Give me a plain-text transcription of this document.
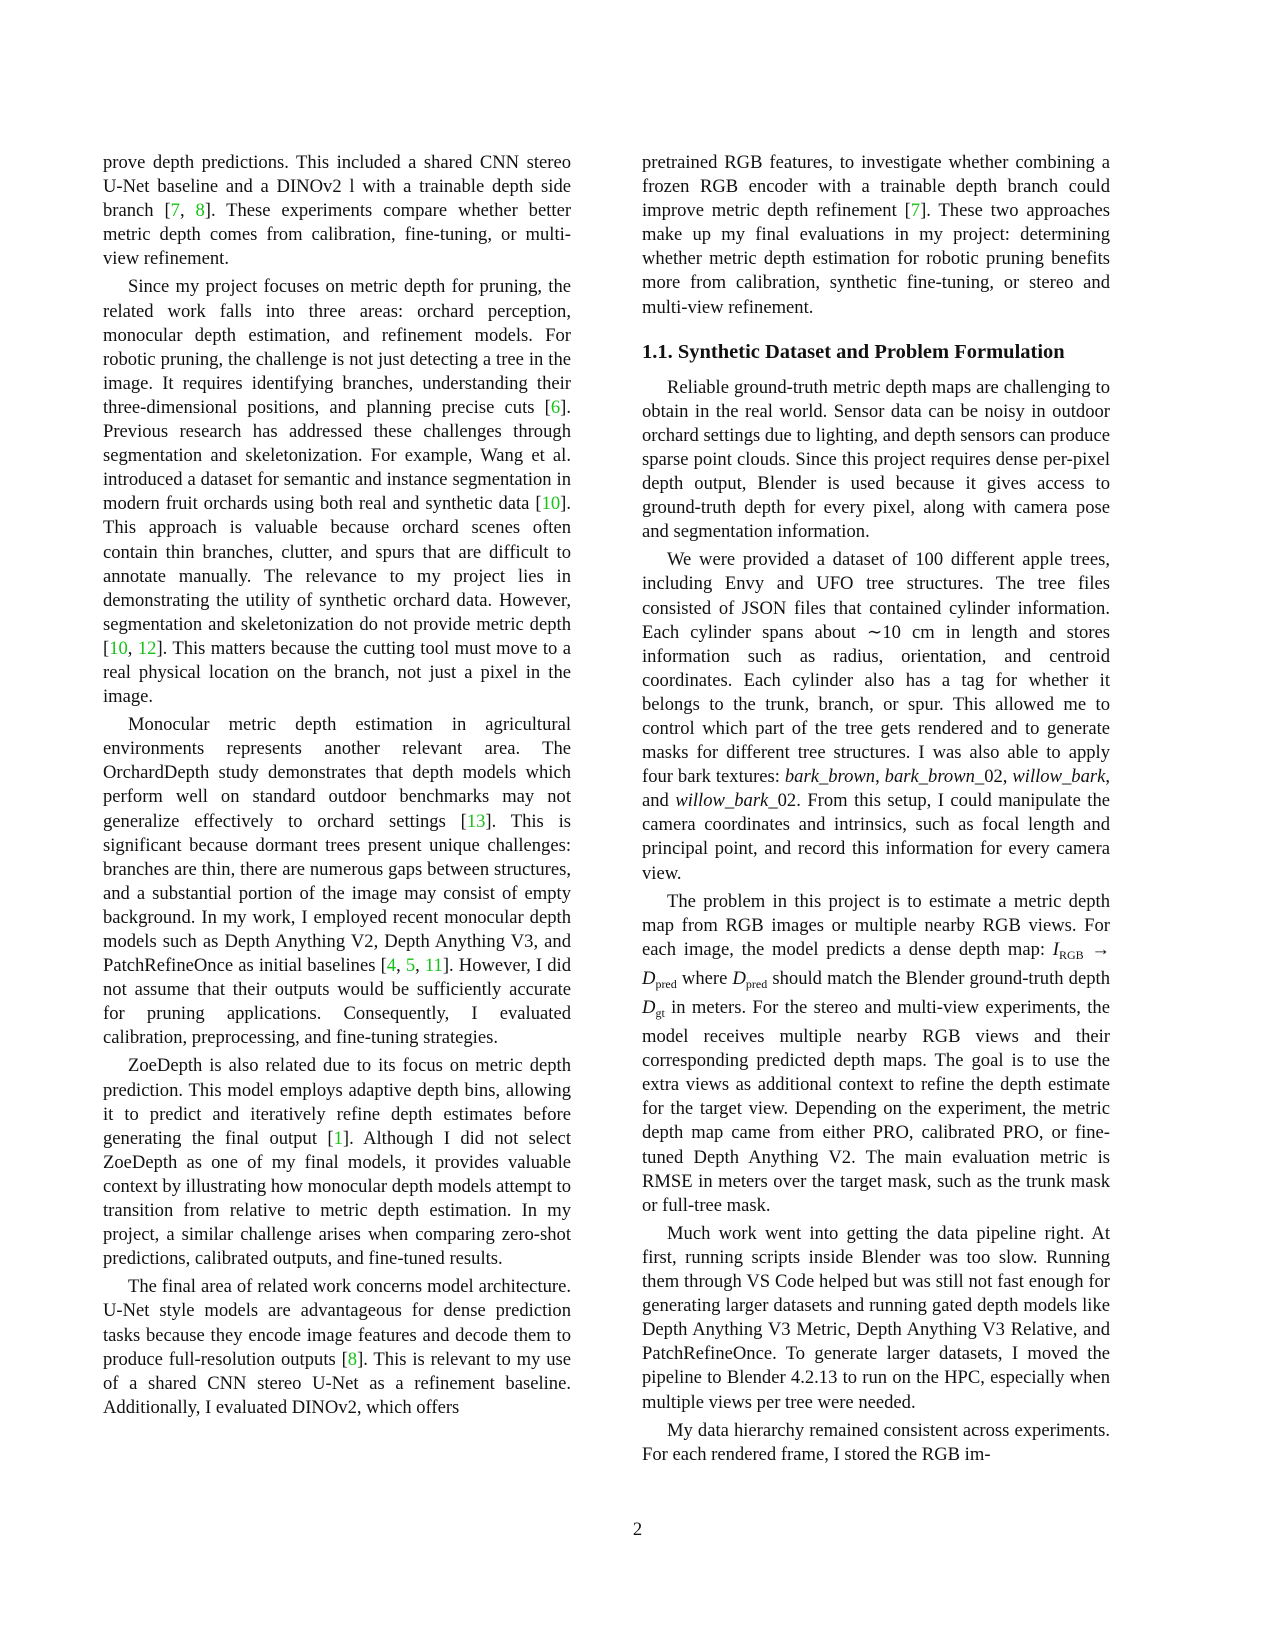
prove depth predictions. This included a shared CNN stereo U-Net baseline and a DINOv2 l with a trainable depth side branch [7, 8]. These experiments compare whether better metric depth comes from calibration, fine-tuning, or multi-view refinement.

Since my project focuses on metric depth for pruning, the related work falls into three areas: orchard perception, monocular depth estimation, and refinement models. For robotic pruning, the challenge is not just detecting a tree in the image. It requires identifying branches, understanding their three-dimensional positions, and planning precise cuts [6]. Previous research has addressed these challenges through segmentation and skeletonization. For example, Wang et al. introduced a dataset for semantic and instance segmentation in modern fruit orchards using both real and synthetic data [10]. This approach is valuable because orchard scenes often contain thin branches, clutter, and spurs that are difficult to annotate manually. The relevance to my project lies in demonstrating the utility of synthetic orchard data. However, segmentation and skeletonization do not provide metric depth [10, 12]. This matters because the cutting tool must move to a real physical location on the branch, not just a pixel in the image.

Monocular metric depth estimation in agricultural environments represents another relevant area. The OrchardDepth study demonstrates that depth models which perform well on standard outdoor benchmarks may not generalize effectively to orchard settings [13]. This is significant because dormant trees present unique challenges: branches are thin, there are numerous gaps between structures, and a substantial portion of the image may consist of empty background. In my work, I employed recent monocular depth models such as Depth Anything V2, Depth Anything V3, and PatchRefineOnce as initial baselines [4, 5, 11]. However, I did not assume that their outputs would be sufficiently accurate for pruning applications. Consequently, I evaluated calibration, preprocessing, and fine-tuning strategies.

ZoeDepth is also related due to its focus on metric depth prediction. This model employs adaptive depth bins, allowing it to predict and iteratively refine depth estimates before generating the final output [1]. Although I did not select ZoeDepth as one of my final models, it provides valuable context by illustrating how monocular depth models attempt to transition from relative to metric depth estimation. In my project, a similar challenge arises when comparing zero-shot predictions, calibrated outputs, and fine-tuned results.

The final area of related work concerns model architecture. U-Net style models are advantageous for dense prediction tasks because they encode image features and decode them to produce full-resolution outputs [8]. This is relevant to my use of a shared CNN stereo U-Net as a refinement baseline. Additionally, I evaluated DINOv2, which offers

pretrained RGB features, to investigate whether combining a frozen RGB encoder with a trainable depth branch could improve metric depth refinement [7]. These two approaches make up my final evaluations in my project: determining whether metric depth estimation for robotic pruning benefits more from calibration, synthetic fine-tuning, or stereo and multi-view refinement.

1.1. Synthetic Dataset and Problem Formulation

Reliable ground-truth metric depth maps are challenging to obtain in the real world. Sensor data can be noisy in outdoor orchard settings due to lighting, and depth sensors can produce sparse point clouds. Since this project requires dense per-pixel depth output, Blender is used because it gives access to ground-truth depth for every pixel, along with camera pose and segmentation information.

We were provided a dataset of 100 different apple trees, including Envy and UFO tree structures. The tree files consisted of JSON files that contained cylinder information. Each cylinder spans about ∼10 cm in length and stores information such as radius, orientation, and centroid coordinates. Each cylinder also has a tag for whether it belongs to the trunk, branch, or spur. This allowed me to control which part of the tree gets rendered and to generate masks for different tree structures. I was also able to apply four bark textures: bark_brown, bark_brown_02, willow_bark, and willow_bark_02. From this setup, I could manipulate the camera coordinates and intrinsics, such as focal length and principal point, and record this information for every camera view.

The problem in this project is to estimate a metric depth map from RGB images or multiple nearby RGB views. For each image, the model predicts a dense depth map: $I_{RGB} \to D_{pred}$ where $D_{pred}$ should match the Blender ground-truth depth $D_{gt}$ in meters. For the stereo and multi-view experiments, the model receives multiple nearby RGB views and their corresponding predicted depth maps. The goal is to use the extra views as additional context to refine the depth estimate for the target view. Depending on the experiment, the metric depth map came from either PRO, calibrated PRO, or fine-tuned Depth Anything V2. The main evaluation metric is RMSE in meters over the target mask, such as the trunk mask or full-tree mask.

Much work went into getting the data pipeline right. At first, running scripts inside Blender was too slow. Running them through VS Code helped but was still not fast enough for generating larger datasets and running gated depth models like Depth Anything V3 Metric, Depth Anything V3 Relative, and PatchRefineOnce. To generate larger datasets, I moved the pipeline to Blender 4.2.13 to run on the HPC, especially when multiple views per tree were needed.

My data hierarchy remained consistent across experiments. For each rendered frame, I stored the RGB im-

2
